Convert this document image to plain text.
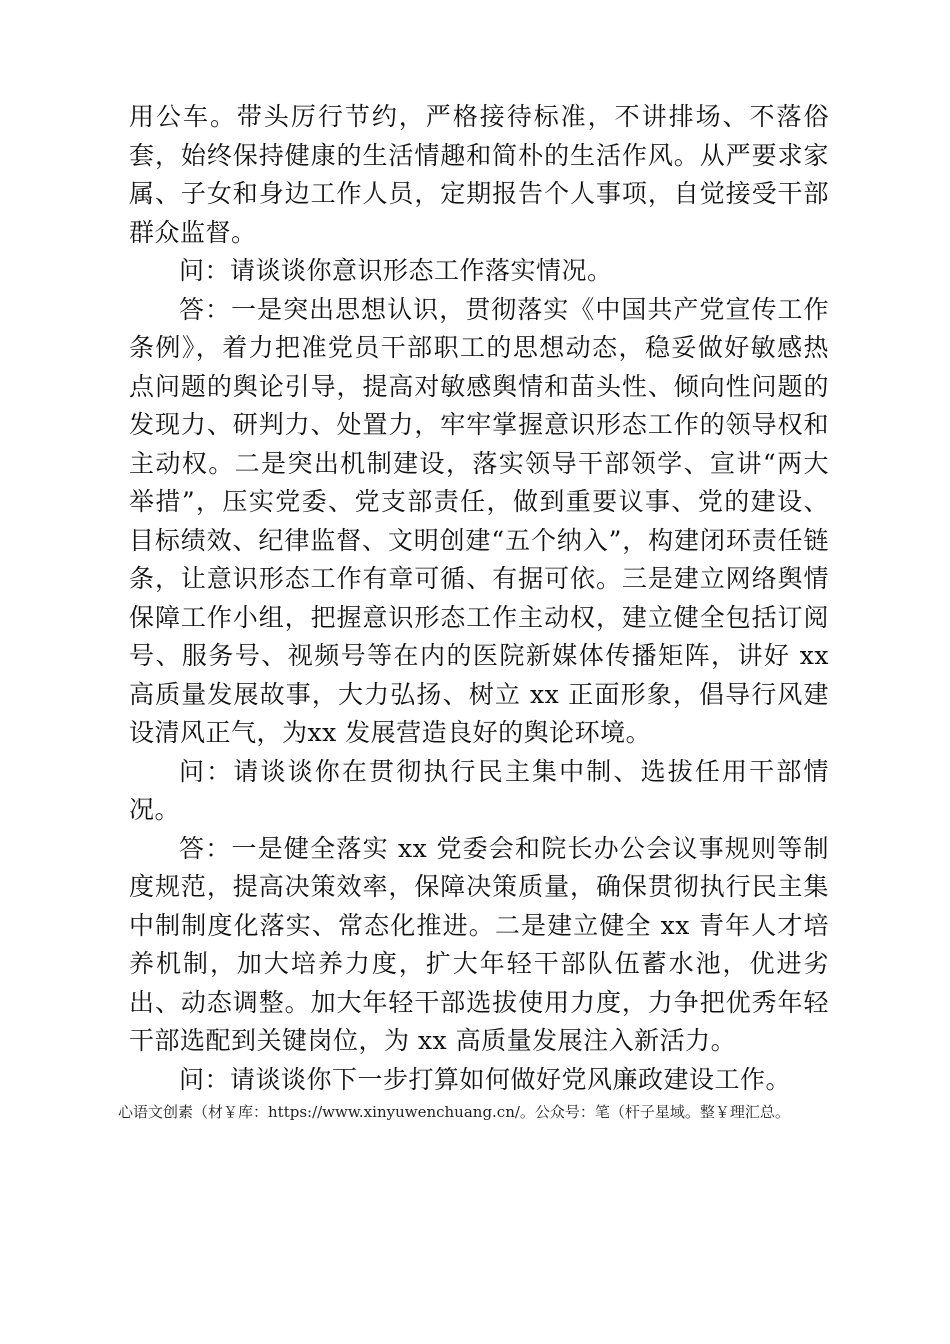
用公车。带头厉行节约，严格接待标准，不讲排场、不落俗套，始终保持健康的生活情趣和简朴的生活作风。从严要求家属、子女和身边工作人员，定期报告个人事项，自觉接受干部群众监督。

问：请谈谈你意识形态工作落实情况。

答：一是突出思想认识，贯彻落实《中国共产党宣传工作条例》，着力把准党员干部职工的思想动态，稳妥做好敏感热点问题的舆论引导，提高对敏感舆情和苗头性、倾向性问题的发现力、研判力、处置力，牢牢掌握意识形态工作的领导权和主动权。二是突出机制建设，落实领导干部领学、宣讲“两大举措”，压实党委、党支部责任，做到重要议事、党的建设、目标绩效、纪律监督、文明创建“五个纳入”，构建闭环责任链条，让意识形态工作有章可循、有据可依。三是建立网络舆情保障工作小组，把握意识形态工作主动权，建立健全包括订阅号、服务号、视频号等在内的医院新媒体传播矩阵，讲好 xx 高质量发展故事，大力弘扬、树立 xx 正面形象，倡导行风建设清风正气，为xx 发展营造良好的舆论环境。

问：请谈谈你在贯彻执行民主集中制、选拔任用干部情况。

答：一是健全落实 xx 党委会和院长办公会议事规则等制度规范，提高决策效率，保障决策质量，确保贯彻执行民主集中制制度化落实、常态化推进。二是建立健全 xx 青年人才培养机制，加大培养力度，扩大年轻干部队伍蓄水池，优进劣出、动态调整。加大年轻干部选拔使用力度，力争把优秀年轻干部选配到关键岗位，为 xx 高质量发展注入新活力。

问：请谈谈你下一步打算如何做好党风廉政建设工作。

心语文创素（材￥库：https://www.xinyuwenchuang.cn/。公众号：笔（杆子星域。整￥理汇总。
